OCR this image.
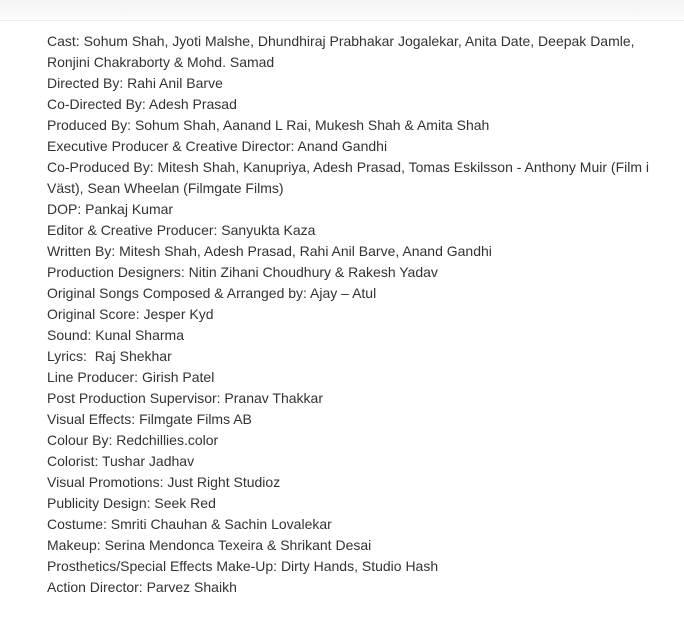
Cast: Sohum Shah, Jyoti Malshe, Dhundhiraj Prabhakar Jogalekar, Anita Date, Deepak Damle, Ronjini Chakraborty & Mohd. Samad
Directed By: Rahi Anil Barve
Co-Directed By: Adesh Prasad
Produced By: Sohum Shah, Aanand L Rai, Mukesh Shah & Amita Shah
Executive Producer & Creative Director: Anand Gandhi
Co-Produced By: Mitesh Shah, Kanupriya, Adesh Prasad, Tomas Eskilsson - Anthony Muir (Film i Väst), Sean Wheelan (Filmgate Films)
DOP: Pankaj Kumar
Editor & Creative Producer: Sanyukta Kaza
Written By: Mitesh Shah, Adesh Prasad, Rahi Anil Barve, Anand Gandhi
Production Designers: Nitin Zihani Choudhury & Rakesh Yadav
Original Songs Composed & Arranged by: Ajay – Atul
Original Score: Jesper Kyd
Sound: Kunal Sharma
Lyrics:  Raj Shekhar
Line Producer: Girish Patel
Post Production Supervisor: Pranav Thakkar
Visual Effects: Filmgate Films AB
Colour By: Redchillies.color
Colorist: Tushar Jadhav
Visual Promotions: Just Right Studioz
Publicity Design: Seek Red
Costume: Smriti Chauhan & Sachin Lovalekar
Makeup: Serina Mendonca Texeira & Shrikant Desai
Prosthetics/Special Effects Make-Up: Dirty Hands, Studio Hash
Action Director: Parvez Shaikh
